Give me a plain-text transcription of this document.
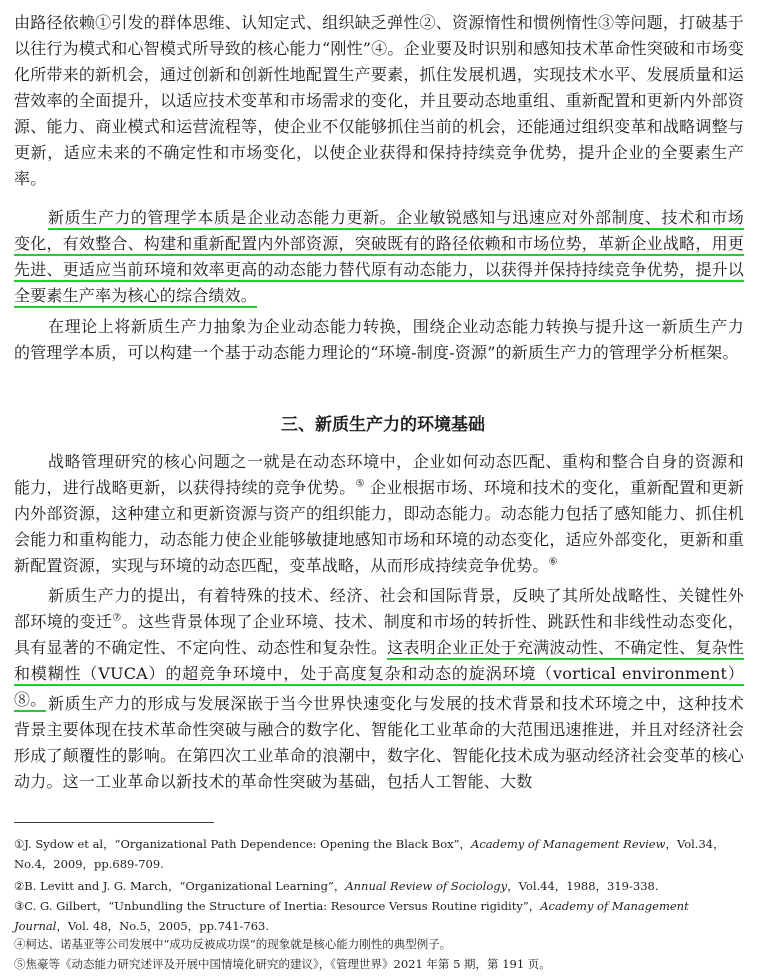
由路径依赖①引发的群体思维、认知定式、组织缺乏弹性②、资源惰性和惯例惰性③等问题，打破基于以往行为模式和心智模式所导致的核心能力“刚性”④。企业要及时识别和感知技术革命性突破和市场变化所带来的新机会，通过创新和创新性地配置生产要素，抓住发展机遇，实现技术水平、发展质量和运营效率的全面提升，以适应技术变革和市场需求的变化，并且要动态地重组、重新配置和更新内外部资源、能力、商业模式和运营流程等，使企业不仅能够抓住当前的机会，还能通过组织变革和战略调整与更新，适应未来的不确定性和市场变化，以使企业获得和保持持续竞争优势，提升企业的全要素生产率。
新质生产力的管理学本质是企业动态能力更新。企业敏锐感知与迅速应对外部制度、技术和市场变化，有效整合、构建和重新配置内外部资源，突破既有的路径依赖和市场位势，革新企业战略，用更先进、更适应当前环境和效率更高的动态能力替代原有动态能力，以获得并保持持续竞争优势，提升以全要素生产率为核心的综合绩效。
在理论上将新质生产力抽象为企业动态能力转换，围绕企业动态能力转换与提升这一新质生产力的管理学本质，可以构建一个基于动态能力理论的“环境-制度-资源”的新质生产力的管理学分析框架。
三、新质生产力的环境基础
战略管理研究的核心问题之一就是在动态环境中，企业如何动态匹配、重构和整合自身的资源和能力，进行战略更新，以获得持续的竞争优势。⑤ 企业根据市场、环境和技术的变化，重新配置和更新内外部资源，这种建立和更新资源与资产的组织能力，即动态能力。动态能力包括了感知能力、抓住机会能力和重构能力，动态能力使企业能够敏捷地感知市场和环境的动态变化，适应外部变化，更新和重新配置资源，实现与环境的动态匹配，变革战略，从而形成持续竞争优势。⑥
新质生产力的提出，有着特殊的技术、经济、社会和国际背景，反映了其所处战略性、关键性外部环境的变迁⑦。这些背景体现了企业环境、技术、制度和市场的转折性、跳跃性和非线性动态变化，具有显著的不确定性、不定向性、动态性和复杂性。这表明企业正处于充满波动性、不确定性、复杂性和模糊性（VUCA）的超竞争环境中，处于高度复杂和动态的旋涡环境（vortical environment）⑧。 新质生产力的形成与发展深嵌于当今世界快速变化与发展的技术背景和技术环境之中，这种技术背景主要体现在技术革命性突破与融合的数字化、智能化工业革命的大范围迅速推进，并且对经济社会形成了颠覆性的影响。在第四次工业革命的浪潮中，数字化、智能化技术成为驱动经济社会变革的核心动力。这一工业革命以新技术的革命性突破为基础，包括人工智能、大数
①J. Sydow et al，“Organizational Path Dependence: Opening the Black Box”，Academy of Management Review，Vol.34，No.4，2009，pp.689-709.
②B. Levitt and J. G. March，“Organizational Learning”，Annual Review of Sociology，Vol.44，1988，319-338.
③C. G. Gilbert，“Unbundling the Structure of Inertia: Resource Versus Routine rigidity”，Academy of Management Journal，Vol. 48，No.5，2005，pp.741-763.
④柯达、诺基亚等公司发展中“成功反被成功误”的现象就是核心能力刚性的典型例子。
⑤焦豪等《动态能力研究述评及开展中国情境化研究的建议》，《管理世界》2021 年第 5 期，第 191 页。
